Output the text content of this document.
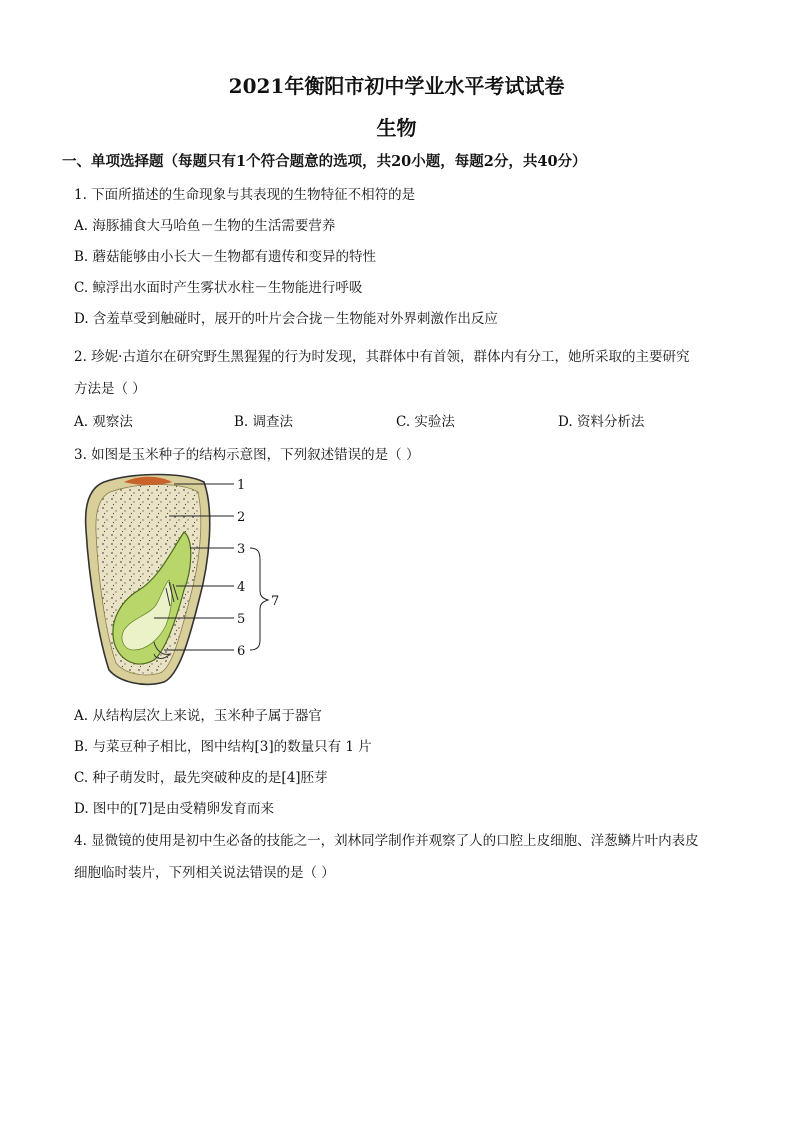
2021年衡阳市初中学业水平考试试卷
生物
一、单项选择题（每题只有1个符合题意的选项，共20小题，每题2分，共40分）
1. 下面所描述的生命现象与其表现的生物特征不相符的是
A. 海豚捕食大马哈鱼－生物的生活需要营养
B. 蘑菇能够由小长大－生物都有遗传和变异的特性
C. 鲸浮出水面时产生雾状水柱－生物能进行呼吸
D. 含羞草受到触碰时，展开的叶片会合拢－生物能对外界刺激作出反应
2. 珍妮·古道尔在研究野生黑猩猩的行为时发现，其群体中有首领，群体内有分工，她所采取的主要研究
方法是（ ）
A. 观察法	B. 调查法	C. 实验法	D. 资料分析法
3. 如图是玉米种子的结构示意图，下列叙述错误的是（ ）
1
2
3
4
5
6
7
A. 从结构层次上来说，玉米种子属于器官
B. 与菜豆种子相比，图中结构[3]的数量只有 1 片
C. 种子萌发时，最先突破种皮的是[4]胚芽
D. 图中的[7]是由受精卵发育而来
4. 显微镜的使用是初中生必备的技能之一，刘林同学制作并观察了人的口腔上皮细胞、洋葱鳞片叶内表皮
细胞临时装片，下列相关说法错误的是（ ）
